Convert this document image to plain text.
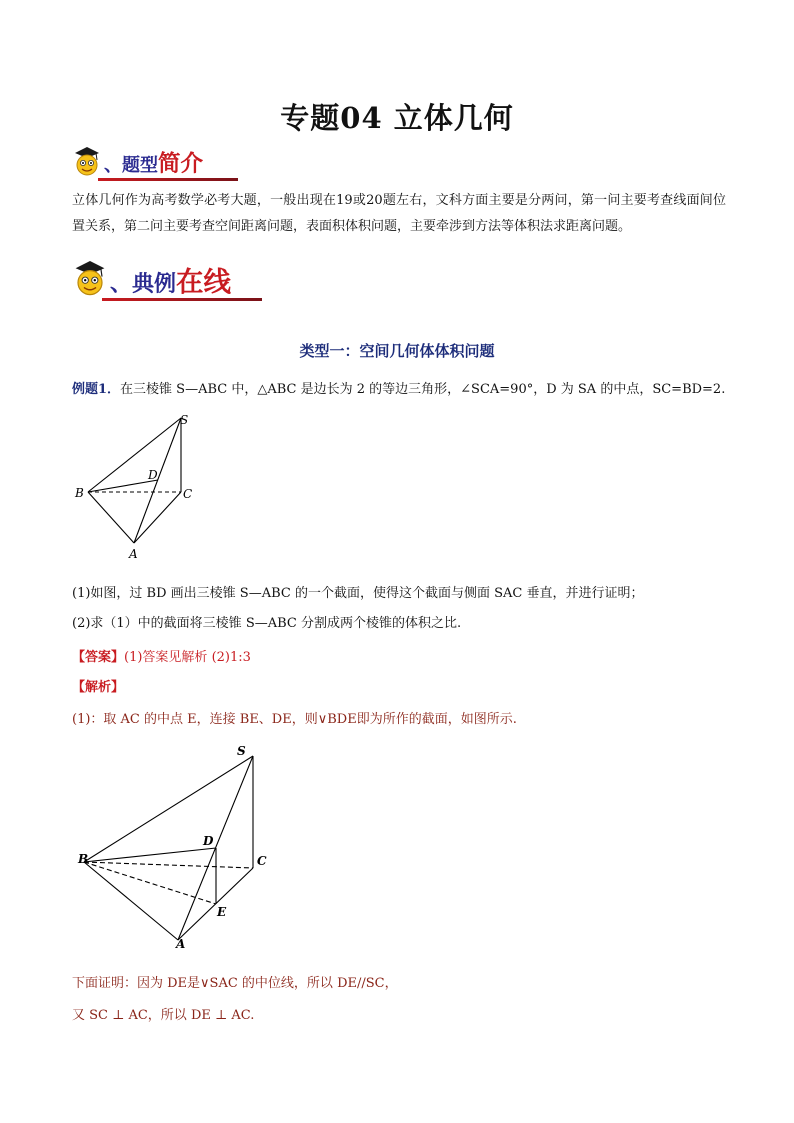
专题04 立体几何
、题型简介
立体几何作为高考数学必考大题，一般出现在19或20题左右，文科方面主要是分两问，第一问主要考查线面间位置关系，第二问主要考查空间距离问题，表面积体积问题，主要牵涉到方法等体积法求距离问题。
、典例在线
类型一：空间几何体体积问题
例题1．在三棱锥 S—ABC 中，△ABC 是边长为 2 的等边三角形，∠SCA=90°，D 为 SA 的中点，SC=BD=2.
S
D
B	C
A
(1)如图，过 BD 画出三棱锥 S—ABC 的一个截面，使得这个截面与侧面 SAC 垂直，并进行证明；
(2)求（1）中的截面将三棱锥 S—ABC 分割成两个棱锥的体积之比.
【答案】(1)答案见解析 (2)1:3
【解析】
(1)：取 AC 的中点 E，连接 BE、DE，则∨BDE即为所作的截面，如图所示.
S
D
B	C
E
A
下面证明：因为 DE是∨SAC 的中位线，所以 DE//SC，
又 SC ⊥ AC，所以 DE ⊥ AC.
